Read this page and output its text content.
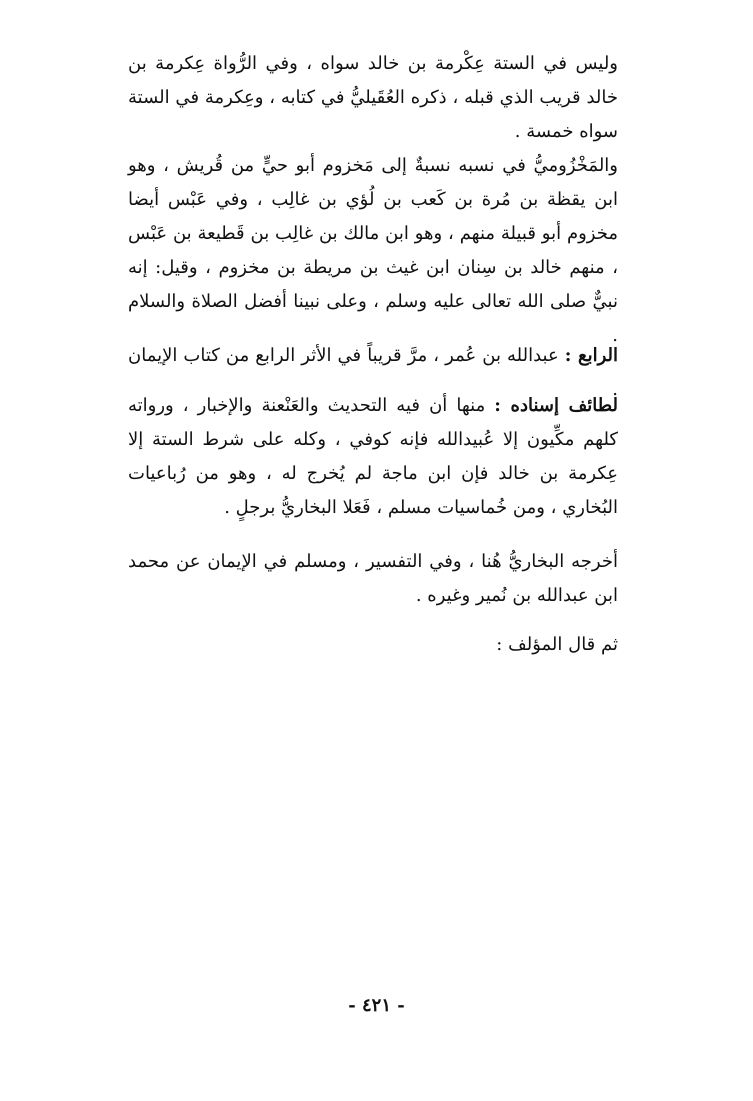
وليس في الستة عِكْرمة بن خالد سواه ، وفي الرُّواة عِكرمة بن خالد قريب الذي قبله ، ذكره العُقَيليُّ في كتابه ، وعِكرمة في الستة سواه خمسة .

والمَخْزُوميُّ في نسبه نسبةٌ إلى مَخزوم أبو حيٍّ من قُريش ، وهو ابن يقظة بن مُرة بن كَعب بن لُؤي بن غالِب ، وفي عَبْس أيضا مخزوم أبو قبيلة منهم ، وهو ابن مالك بن غالِب بن قَطيعة بن عَبْس ، منهم خالد بن سِنان ابن غيث بن مريطة بن مخزوم ، وقيل: إنه نبيٌّ صلى الله تعالى عليه وسلم ، وعلى نبينا أفضل الصلاة والسلام .

الرابع : عبدالله بن عُمر ، مرَّ قريباً في الأثر الرابع من كتاب الإيمان .

لطائف إسناده : منها أن فيه التحديث والعَنْعنة والإخبار ، ورواته كلهم مكِّيون إلا عُبيدالله فإنه كوفي ، وكله على شرط الستة إلا عِكرمة بن خالد فإن ابن ماجة لم يُخرج له ، وهو من رُباعيات البُخاري ، ومن خُماسيات مسلم ، فَعَلا البخاريُّ برجلٍ .

أخرجه البخاريُّ هُنا ، وفي التفسير ، ومسلم في الإيمان عن محمد ابن عبدالله بن نُمير وغيره .

ثم قال المؤلف :

- ٤٢١ -
